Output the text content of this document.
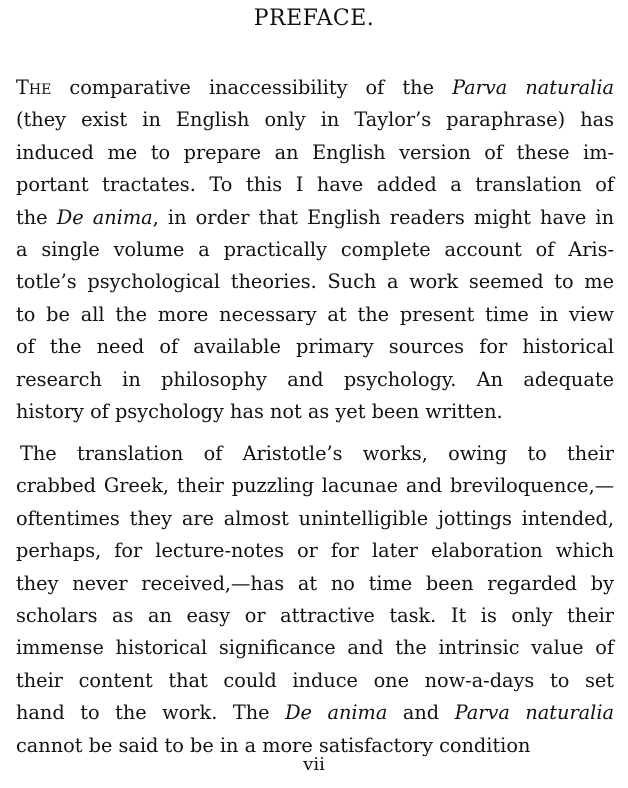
PREFACE.
The comparative inaccessibility of the Parva naturalia
(they exist in English only in Taylor’s paraphrase) has
induced me to prepare an English version of these im-
portant tractates. To this I have added a translation of
the De anima, in order that English readers might have in
a single volume a practically complete account of Aris-
totle’s psychological theories. Such a work seemed to me
to be all the more necessary at the present time in view
of the need of available primary sources for historical
research in philosophy and psychology. An adequate
history of psychology has not as yet been written.
The translation of Aristotle’s works, owing to their
crabbed Greek, their puzzling lacunae and breviloquence,—
oftentimes they are almost unintelligible jottings intended,
perhaps, for lecture-notes or for later elaboration which
they never received,—has at no time been regarded by
scholars as an easy or attractive task. It is only their
immense historical significance and the intrinsic value of
their content that could induce one now-a-days to set
hand to the work. The De anima and Parva naturalia
cannot be said to be in a more satisfactory condition
vii
